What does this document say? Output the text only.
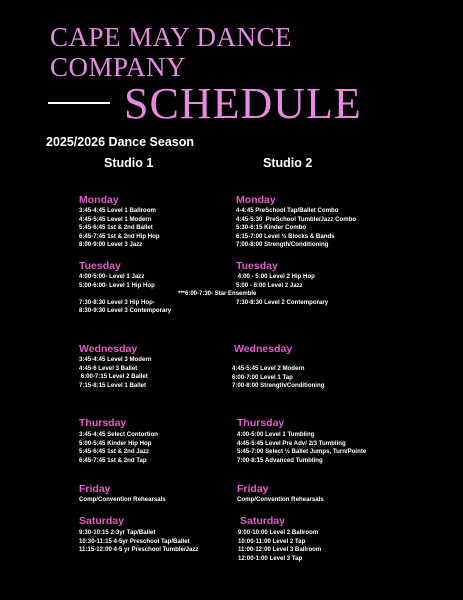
CAPE MAY DANCE
COMPANY
SCHEDULE
2025/2026 Dance Season
Studio 1	Studio 2
Monday
3:45-4:45 Level 1 Ballroom
4:45-5:45 Level 1 Modern
5:45-6:45 1st & 2nd Ballet
6:45-7:45 1st & 2nd Hip Hop
8:00-9:00 Level 3 Jazz
Tuesday
4:00-5:00- Level 1 Jazz
5:00-6:00- Level 1 Hip Hop
7:30-8:30 Level 3 Hip Hop-
8:30-9:30 Level 3 Contemporary
***6:00-7:30- Star Ensemble
Wednesday
3:45-4:45 Level 3 Modern
4:45-6 Level 3 Ballet
6:00-7:15 Level 2 Ballet
7:15-8:15 Level 1 Ballet
Thursday
3:45-4:45 Select Contortion
5:00-5:45 Kinder Hip Hop
5:45-6:45 1st & 2nd Jazz
6:45-7:45 1st & 2nd Tap
Friday
Comp/Convention Rehearsals
Saturday
9:30-10:15 2-3yr Tap/Ballet
10:30-11:15 4-5yr Preschool Tap/Ballet
11:15-12:00 4-5 yr Preschool Tumble/Jazz
Monday
4-4:45 PreSchool Tap/Ballet Combo
4:45-5:30  PreSchool Tumble/Jazz Combo
5:30-6:15 Kinder Combo
6:15-7:00 Level ½ Blocks & Bands
7:00-8:00 Strength/Conditioning
Tuesday
4:00 - 5:00 Level 2 Hip Hop
5:00 - 6:00 Level 2 Jazz
7:30-8:30 Level 2 Contemporary
Wednesday
4:45-5:45 Level 2 Modern
6:00-7:00 Level 1 Tap
7:00-8:00 Strength/Conditioning
Thursday
4:00-5:00 Level 1 Tumbling
4:45-5:45 Level Pre Adv/ 2/3 Tumbling
5:45-7:00 Select ½ Ballet Jumps, Turn/Pointe
7:00-8:15 Advanced Tumbling
Friday
Comp/Convention Rehearsals
Saturday
9:00-10:00 Level 2 Ballroom
10:00-11:00 Level 2 Tap
11:00-12:00 Level 3 Ballroom
12:00-1:00 Level 3 Tap
